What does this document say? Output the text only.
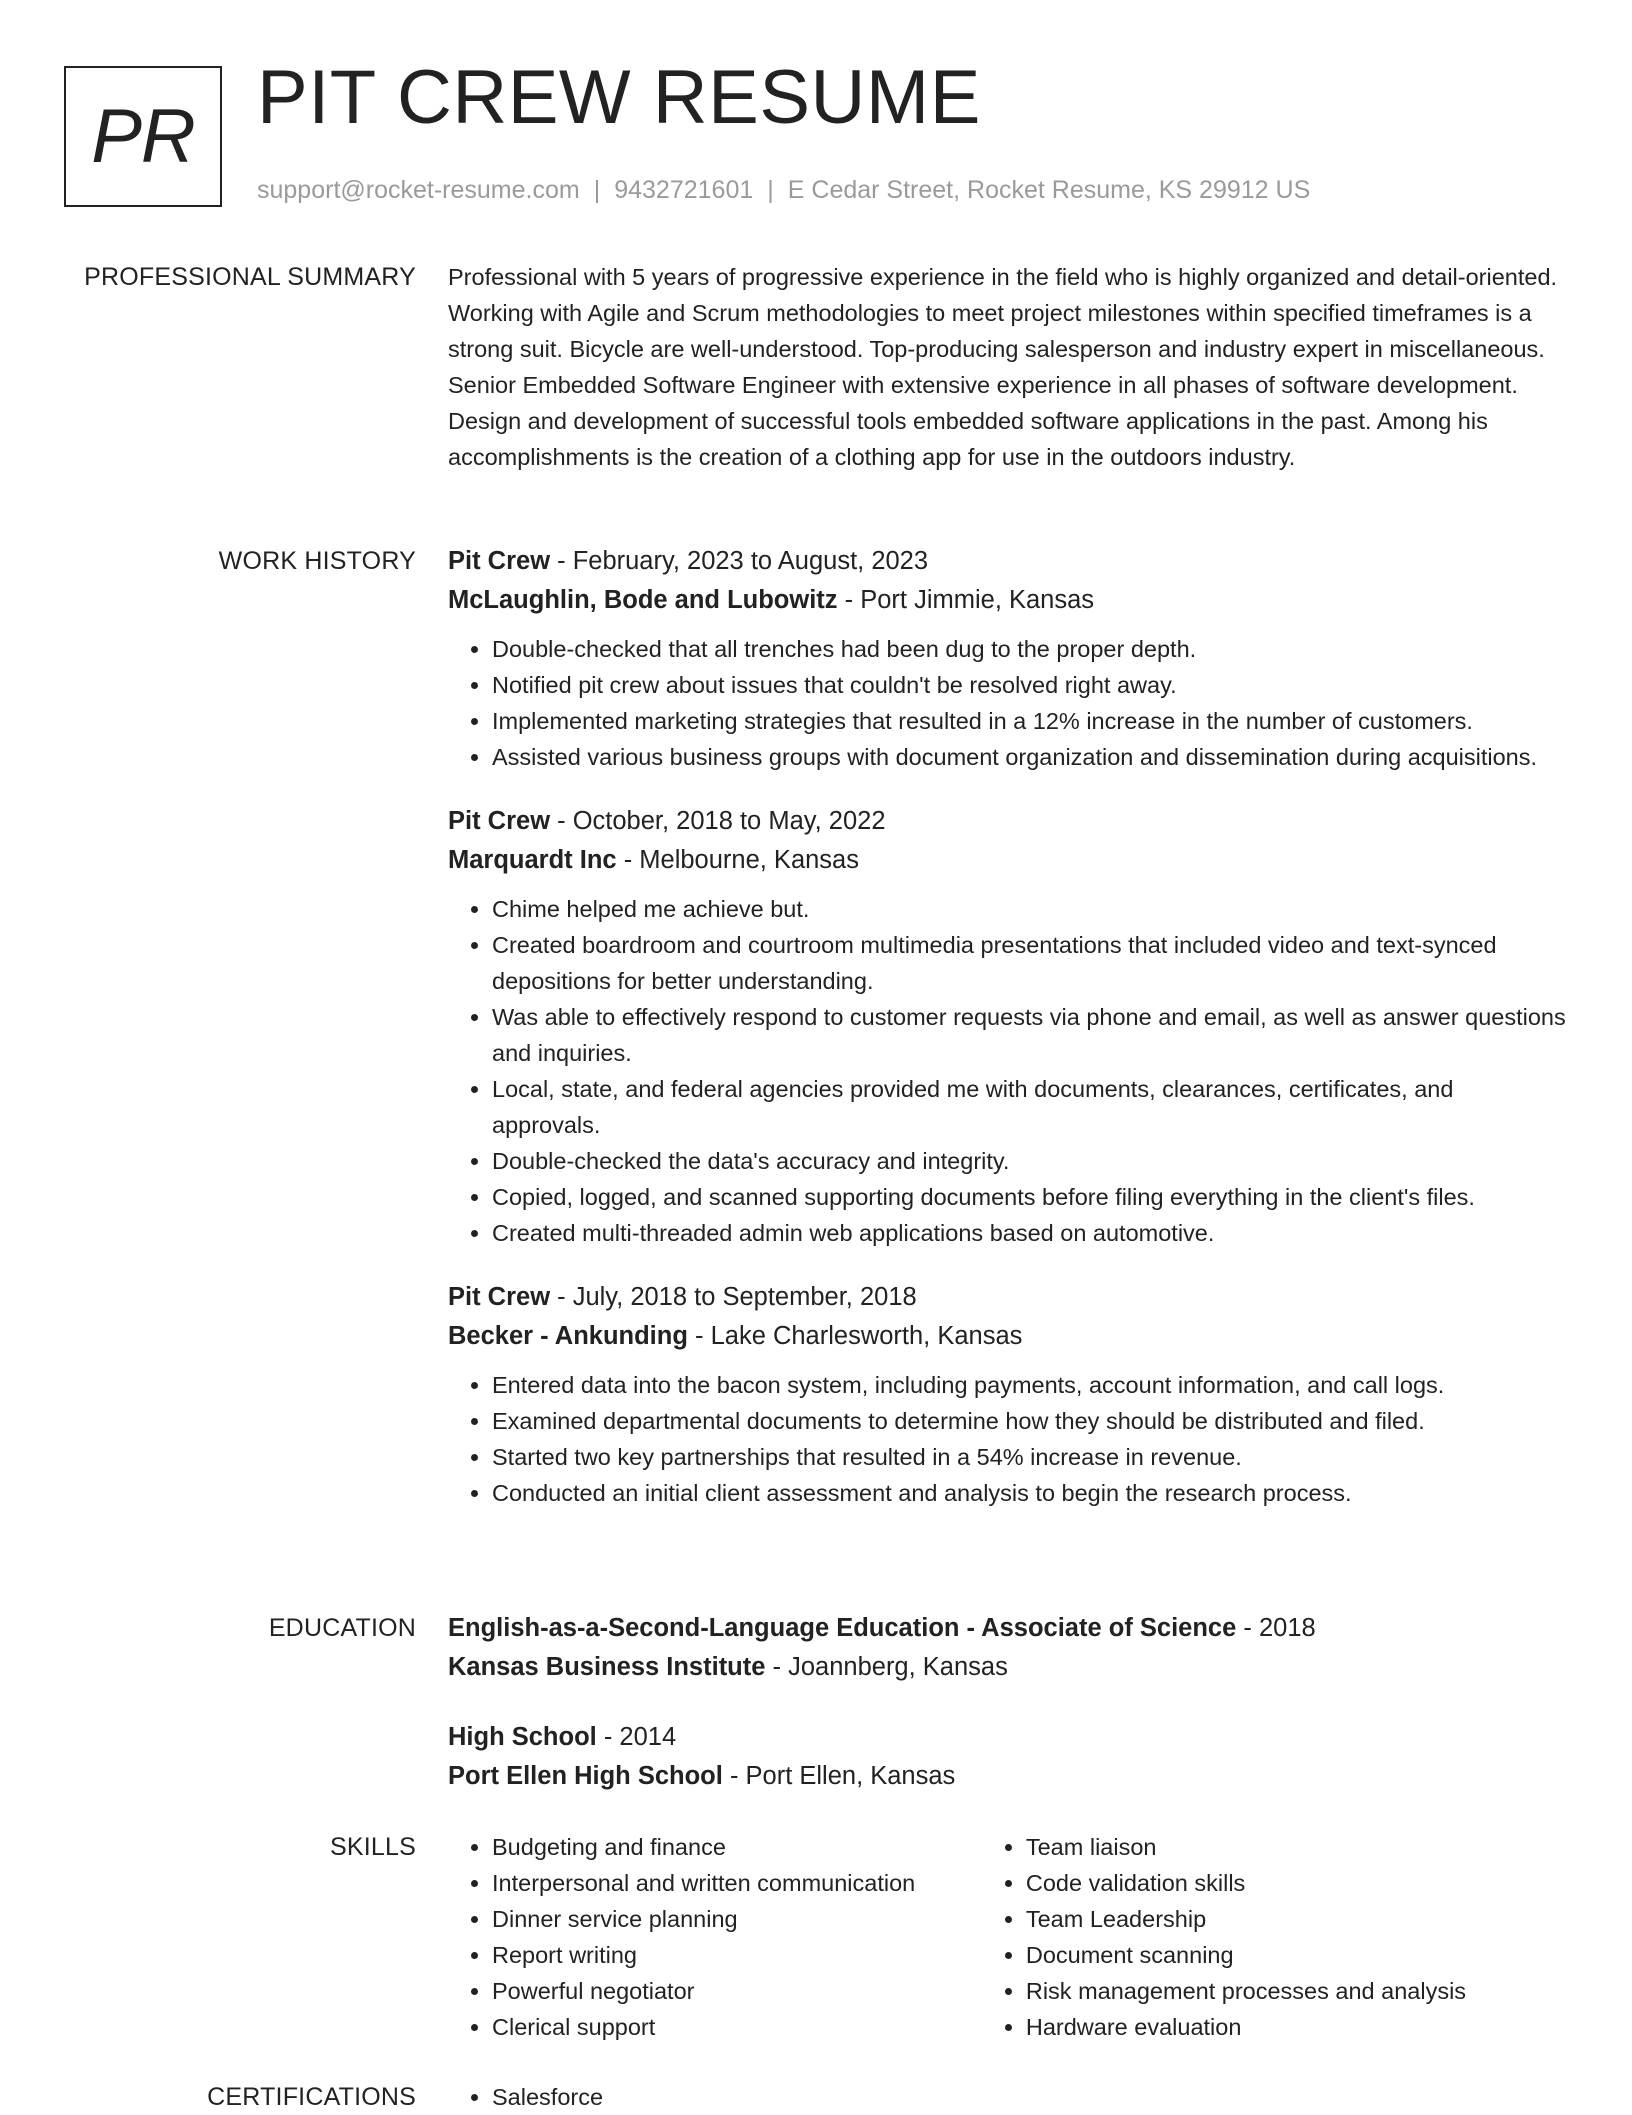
PR PIT CREW RESUME
support@rocket-resume.com | 9432721601 | E Cedar Street, Rocket Resume, KS 29912 US
PROFESSIONAL SUMMARY Professional with 5 years of progressive experience in the field who is highly organized and detail-oriented. Working with Agile and Scrum methodologies to meet project milestones within specified timeframes is a strong suit. Bicycle are well-understood. Top-producing salesperson and industry expert in miscellaneous. Senior Embedded Software Engineer with extensive experience in all phases of software development. Design and development of successful tools embedded software applications in the past. Among his accomplishments is the creation of a clothing app for use in the outdoors industry.

WORK HISTORY Pit Crew - February, 2023 to August, 2023

McLaughlin, Bode and Lubowitz - Port Jimmie, Kansas

• Double-checked that all trenches had been dug to the proper depth.
• Notified pit crew about issues that couldn't be resolved right away.
• Implemented marketing strategies that resulted in a 12% increase in the number of customers.
• Assisted various business groups with document organization and dissemination during acquisitions.

Pit Crew - October, 2018 to May, 2022

Marquardt Inc - Melbourne, Kansas

• Chime helped me achieve but.
• Created boardroom and courtroom multimedia presentations that included video and text-synced depositions for better understanding.
• Was able to effectively respond to customer requests via phone and email, as well as answer questions and inquiries.
• Local, state, and federal agencies provided me with documents, clearances, certificates, and approvals.
• Double-checked the data's accuracy and integrity.
• Copied, logged, and scanned supporting documents before filing everything in the client's files.
• Created multi-threaded admin web applications based on automotive.

Pit Crew - July, 2018 to September, 2018

Becker - Ankunding - Lake Charlesworth, Kansas

• Entered data into the bacon system, including payments, account information, and call logs.
• Examined departmental documents to determine how they should be distributed and filed.
• Started two key partnerships that resulted in a 54% increase in revenue.
• Conducted an initial client assessment and analysis to begin the research process.
EDUCATION English-as-a-Second-Language Education - Associate of Science - 2018

Kansas Business Institute - Joannberg, Kansas

High School - 2014

Port Ellen High School - Port Ellen, Kansas

SKILLS	• Budgeting and finance
• Interpersonal and written communication
• Dinner service planning
• Report writing
• Powerful negotiator
• Clerical support
• Team liaison
• Code validation skills
• Team Leadership
• Document scanning
• Risk management processes and analysis
• Hardware evaluation
CERTIFICATIONS	• Salesforce
